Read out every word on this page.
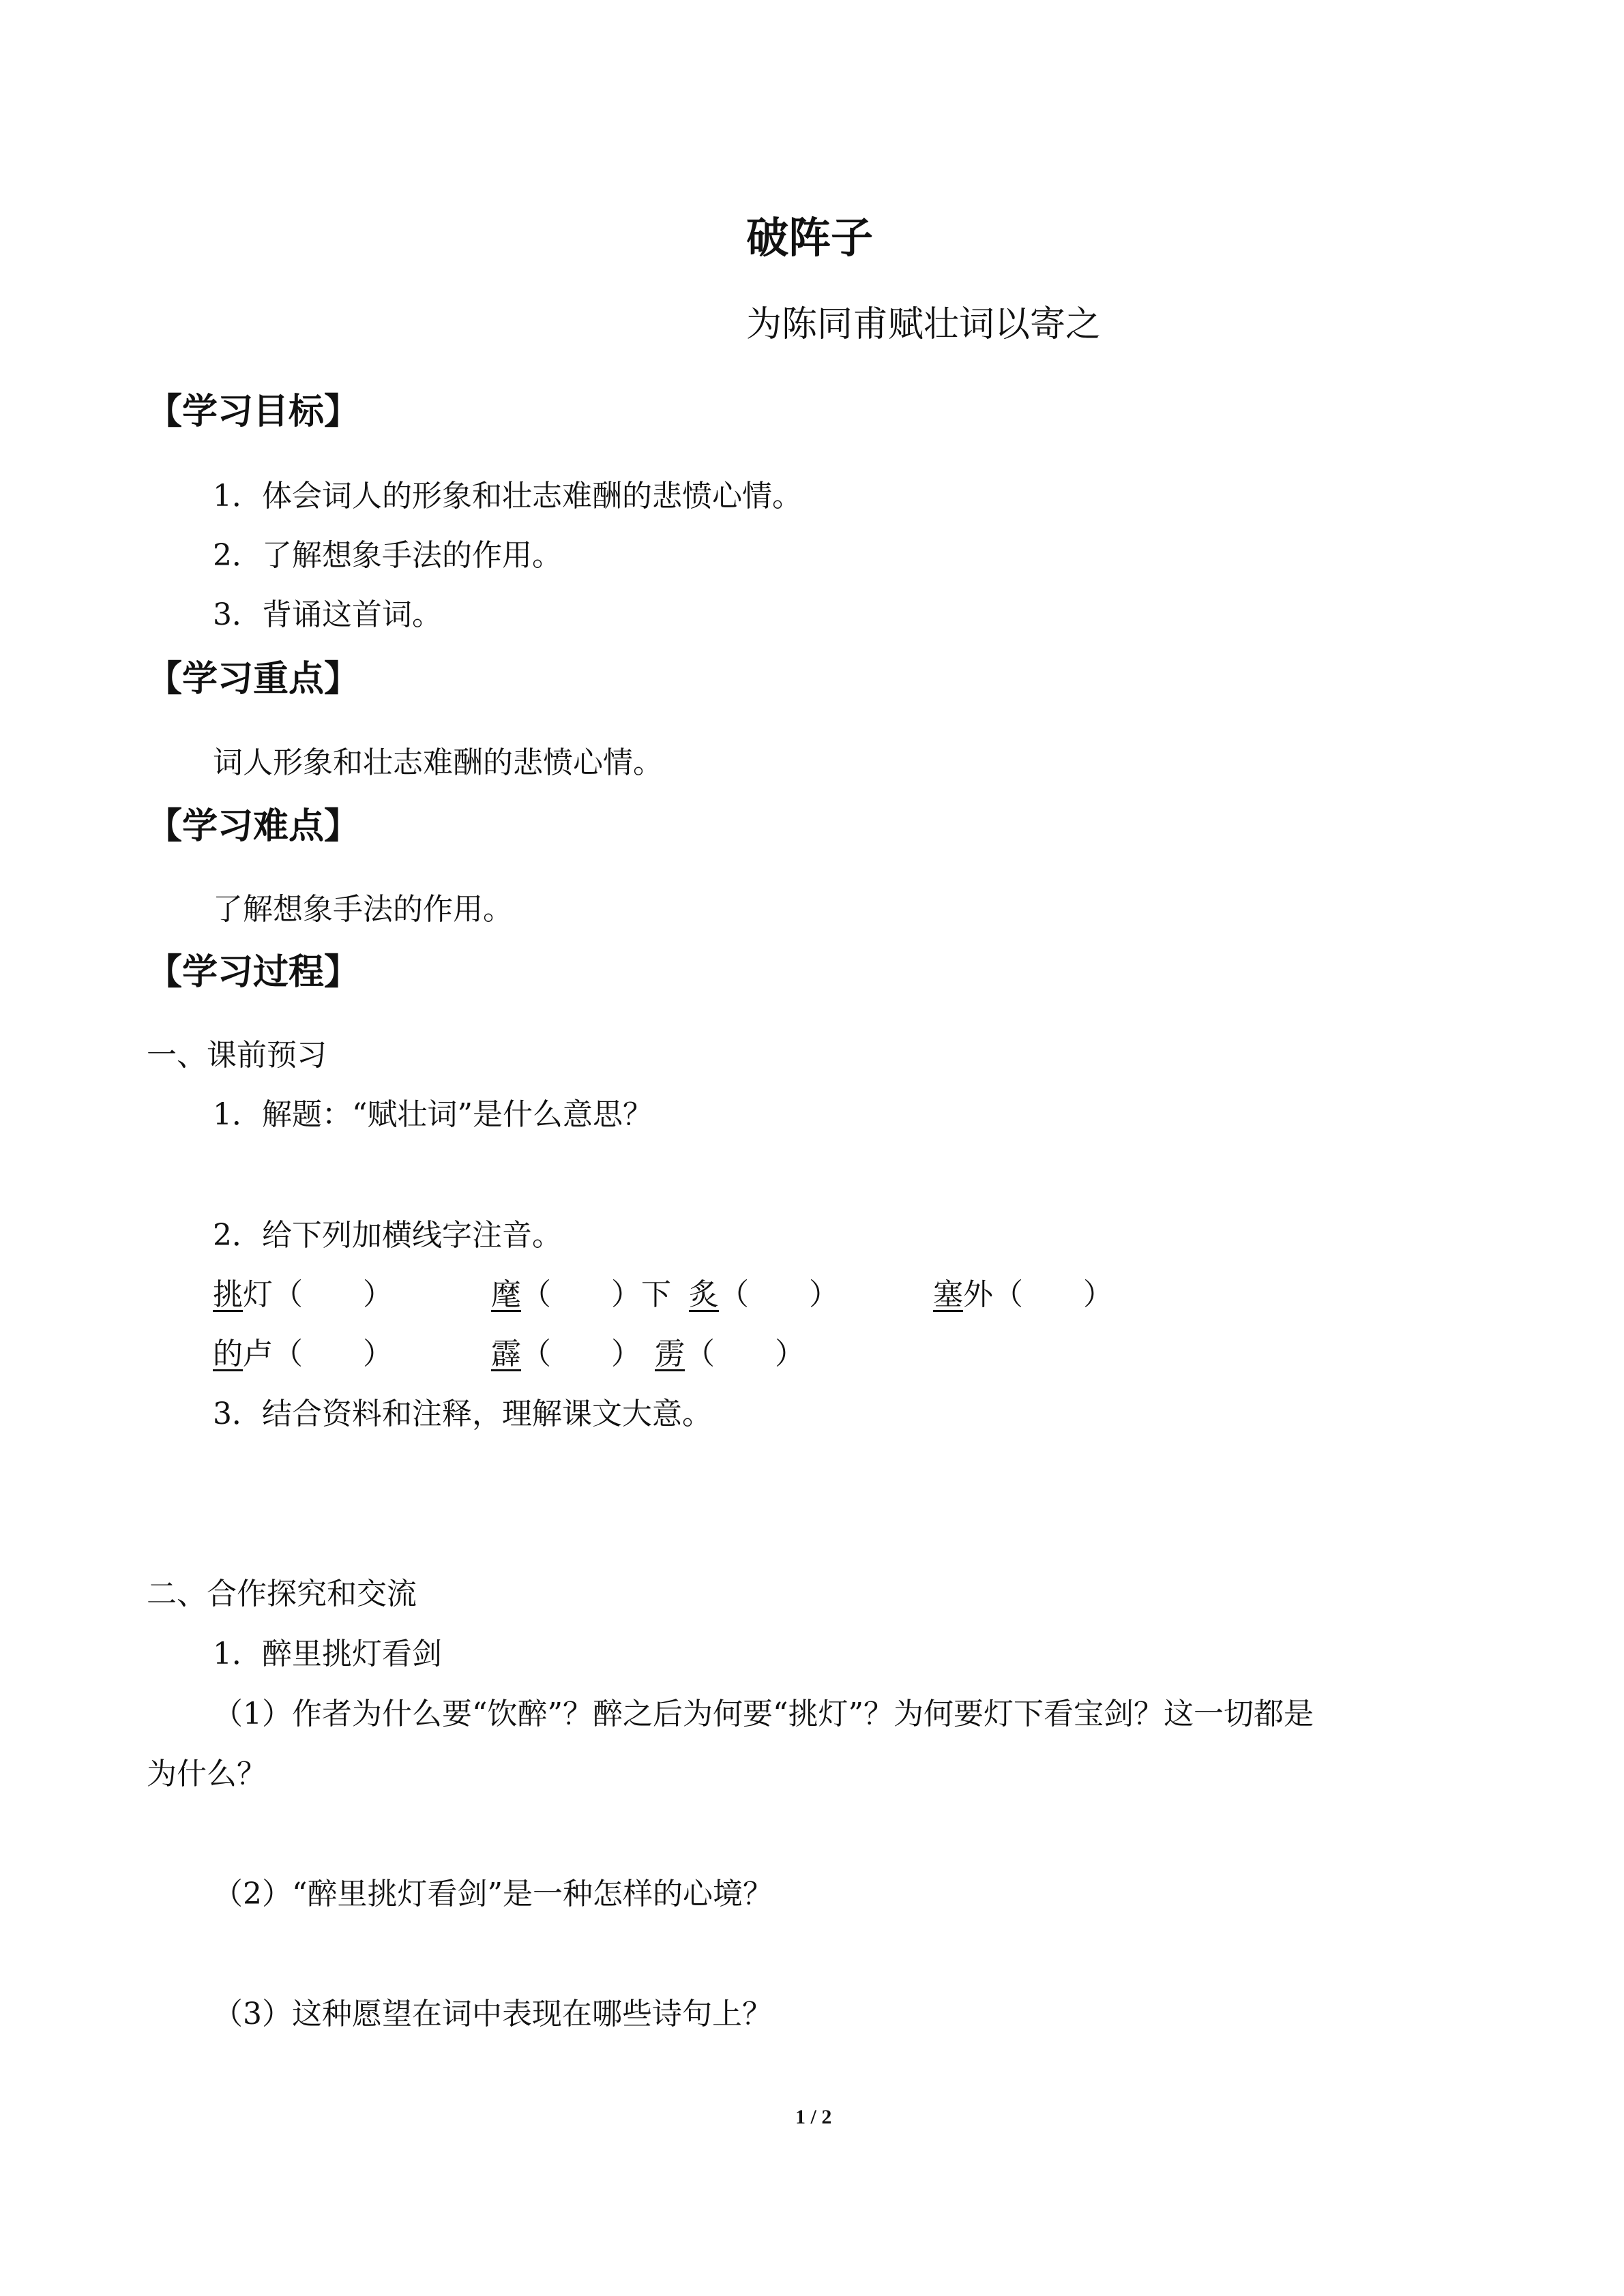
破阵子
为陈同甫赋壮词以寄之
【学习目标】
1．体会词人的形象和壮志难酬的悲愤心情。
2．了解想象手法的作用。
3．背诵这首词。
【学习重点】
词人形象和壮志难酬的悲愤心情。
【学习难点】
了解想象手法的作用。
【学习过程】
一、课前预习
1．解题：“赋壮词”是什么意思？
2．给下列加横线字注音。
挑灯（　　）	麾（　　）下 炙（　　）	塞外（　　）
的卢（　　）	霹（　　） 雳（　　）
3．结合资料和注释，理解课文大意。
二、合作探究和交流
1．醉里挑灯看剑
（1）作者为什么要“饮醉”？醉之后为何要“挑灯”？为何要灯下看宝剑？这一切都是
为什么？
（2）“醉里挑灯看剑”是一种怎样的心境？
（3）这种愿望在词中表现在哪些诗句上？
1 / 2
